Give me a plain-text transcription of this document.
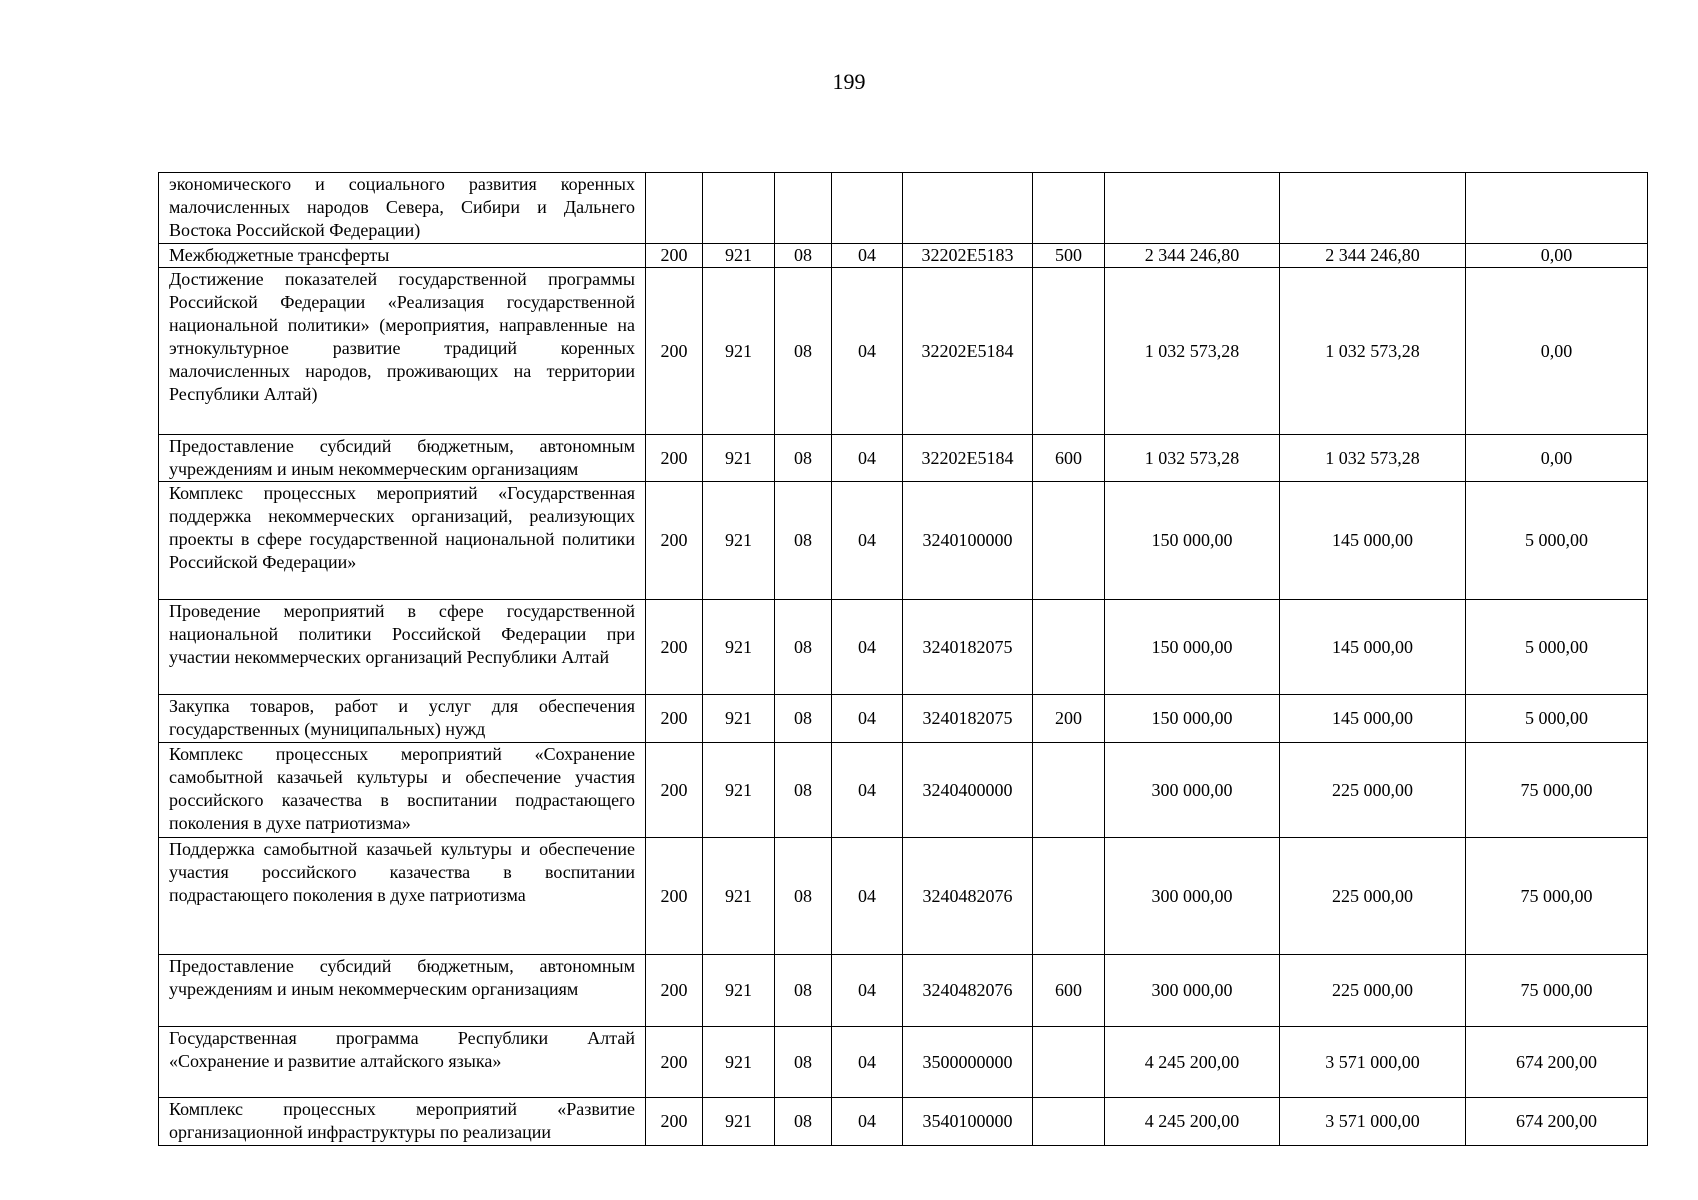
199
экономического и социального развития коренных малочисленных народов Севера, Сибири и Дальнего Востока Российской Федерации)									
Межбюджетные трансферты	200	921	08	04	32202E5183	500	2 344 246,80	2 344 246,80	0,00
Достижение показателей государственной программы Российской Федерации «Реализация государственной национальной политики» (мероприятия, направленные на этнокультурное развитие традиций коренных малочисленных народов, проживающих на территории Республики Алтай)	200	921	08	04	32202E5184		1 032 573,28	1 032 573,28	0,00
Предоставление субсидий бюджетным, автономным учреждениям и иным некоммерческим организациям	200	921	08	04	32202E5184	600	1 032 573,28	1 032 573,28	0,00
Комплекс процессных мероприятий «Государственная поддержка некоммерческих организаций, реализующих проекты в сфере государственной национальной политики Российской Федерации»	200	921	08	04	3240100000		150 000,00	145 000,00	5 000,00
Проведение мероприятий в сфере государственной национальной политики Российской Федерации при участии некоммерческих организаций Республики Алтай	200	921	08	04	3240182075		150 000,00	145 000,00	5 000,00
Закупка товаров, работ и услуг для обеспечения государственных (муниципальных) нужд	200	921	08	04	3240182075	200	150 000,00	145 000,00	5 000,00
Комплекс процессных мероприятий «Сохранение самобытной казачьей культуры и обеспечение участия российского казачества в воспитании подрастающего поколения в духе патриотизма»	200	921	08	04	3240400000		300 000,00	225 000,00	75 000,00
Поддержка самобытной казачьей культуры и обеспечение участия российского казачества в воспитании подрастающего поколения в духе патриотизма	200	921	08	04	3240482076		300 000,00	225 000,00	75 000,00
Предоставление субсидий бюджетным, автономным учреждениям и иным некоммерческим организациям	200	921	08	04	3240482076	600	300 000,00	225 000,00	75 000,00
Государственная программа Республики Алтай «Сохранение и развитие алтайского языка»	200	921	08	04	3500000000		4 245 200,00	3 571 000,00	674 200,00
Комплекс процессных мероприятий «Развитие организационной инфраструктуры по реализации	200	921	08	04	3540100000		4 245 200,00	3 571 000,00	674 200,00
